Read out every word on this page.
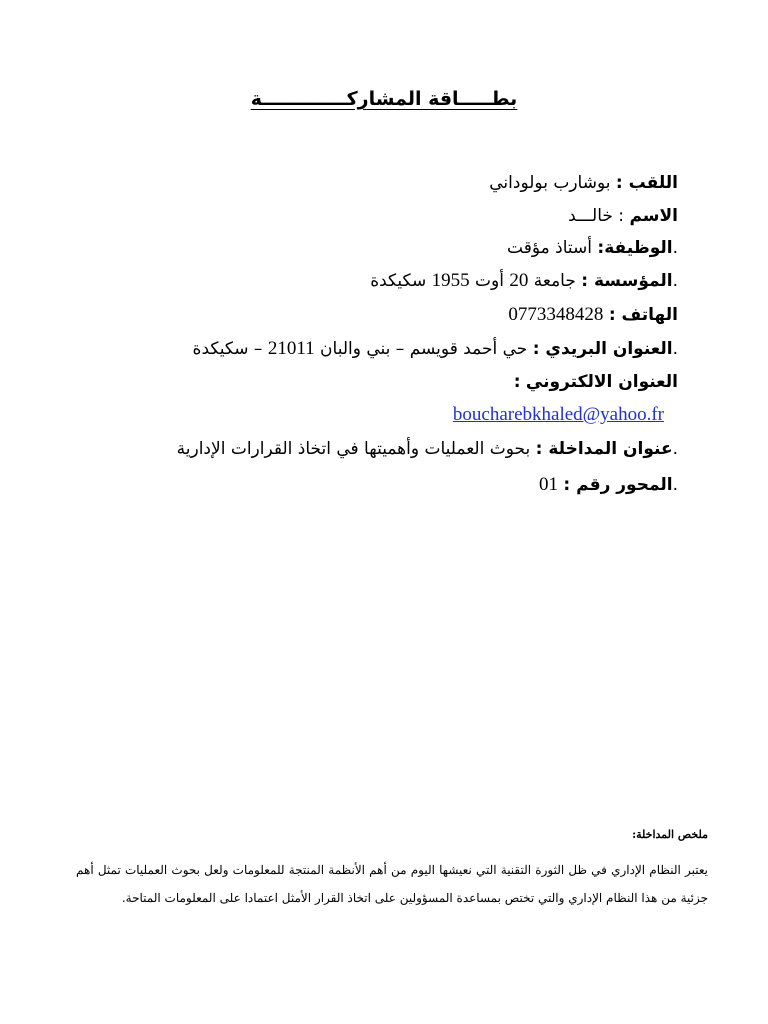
بطـــــاقة المشاركـــــــــــــة
اللقب : بوشارب بولوداني
الاسم : خالـــد
.الوظيفة: أستاذ مؤقت
.المؤسسة : جامعة 20 أوت 1955 سكيكدة
الهاتف : 0773348428
.العنوان البريدي : حي أحمد قويسم – بني والبان 21011 – سكيكدة
العنوان الالكتروني :
boucharebkhaled@yahoo.fr
.عنوان المداخلة : بحوث العمليات وأهميتها في اتخاذ القرارات الإدارية
.المحور رقم : 01
ملخص المداخلة:
يعتبر النظام الإداري في ظل الثورة التقنية التي نعيشها اليوم من أهم الأنظمة المنتجة للمعلومات ولعل بحوث العمليات تمثل أهم جزئية من هذا النظام الإداري والتي تختص بمساعدة المسؤولين على اتخاذ القرار الأمثل اعتمادا على المعلومات المتاحة.
